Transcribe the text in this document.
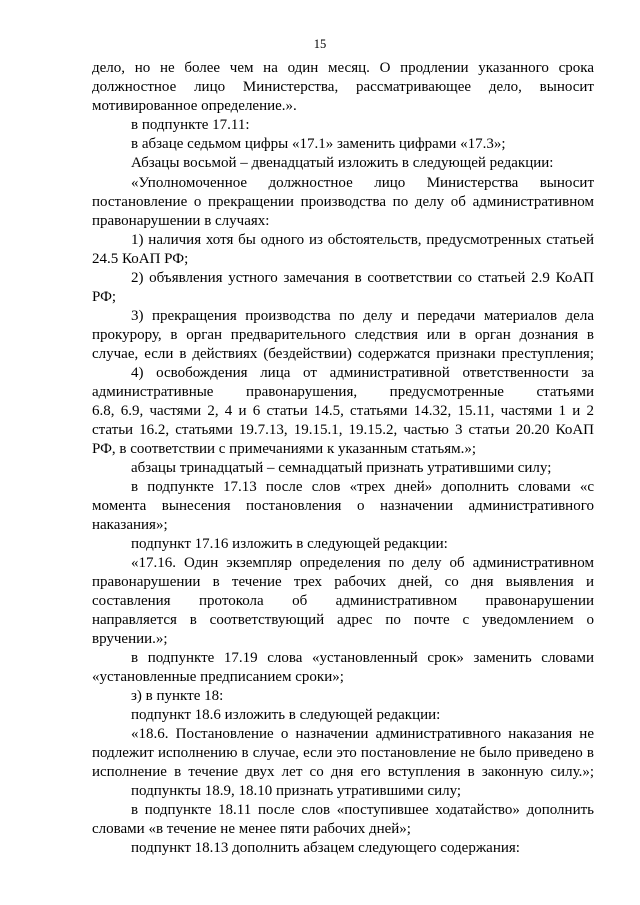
15
дело, но не более чем на один месяц. О продлении указанного срока
должностное лицо Министерства, рассматривающее дело, выносит
мотивированное определение.».
в подпункте 17.11:
в абзаце седьмом цифры «17.1» заменить цифрами «17.3»;
Абзацы восьмой – двенадцатый изложить в следующей редакции:
«Уполномоченное должностное лицо Министерства выносит
постановление о прекращении производства по делу об административном
правонарушении в случаях:
1) наличия хотя бы одного из обстоятельств, предусмотренных статьей
24.5 КоАП РФ;
2) объявления устного замечания в соответствии со статьей 2.9 КоАП
РФ;
3) прекращения производства по делу и передачи материалов дела
прокурору, в орган предварительного следствия или в орган дознания в
случае, если в действиях (бездействии) содержатся признаки преступления;
4) освобождения лица от административной ответственности за
административные правонарушения, предусмотренные статьями
6.8, 6.9, частями 2, 4 и 6 статьи 14.5, статьями 14.32, 15.11, частями 1 и 2
статьи 16.2, статьями 19.7.13, 19.15.1, 19.15.2, частью 3 статьи 20.20 КоАП
РФ, в соответствии с примечаниями к указанным статьям.»;
абзацы тринадцатый – семнадцатый признать утратившими силу;
в подпункте 17.13 после слов «трех дней» дополнить словами «с
момента вынесения постановления о назначении административного
наказания»;
подпункт 17.16 изложить в следующей редакции:
«17.16. Один экземпляр определения по делу об административном
правонарушении в течение трех рабочих дней, со дня выявления и
составления протокола об административном правонарушении
направляется в соответствующий адрес по почте с уведомлением о
вручении.»;
в подпункте 17.19 слова «установленный срок» заменить словами
«установленные предписанием сроки»;
з) в пункте 18:
подпункт 18.6 изложить в следующей редакции:
«18.6. Постановление о назначении административного наказания не
подлежит исполнению в случае, если это постановление не было приведено в
исполнение в течение двух лет со дня его вступления в законную силу.»;
подпункты 18.9, 18.10 признать утратившими силу;
в подпункте 18.11 после слов «поступившее ходатайство» дополнить
словами «в течение не менее пяти рабочих дней»;
подпункт 18.13 дополнить абзацем следующего содержания:
